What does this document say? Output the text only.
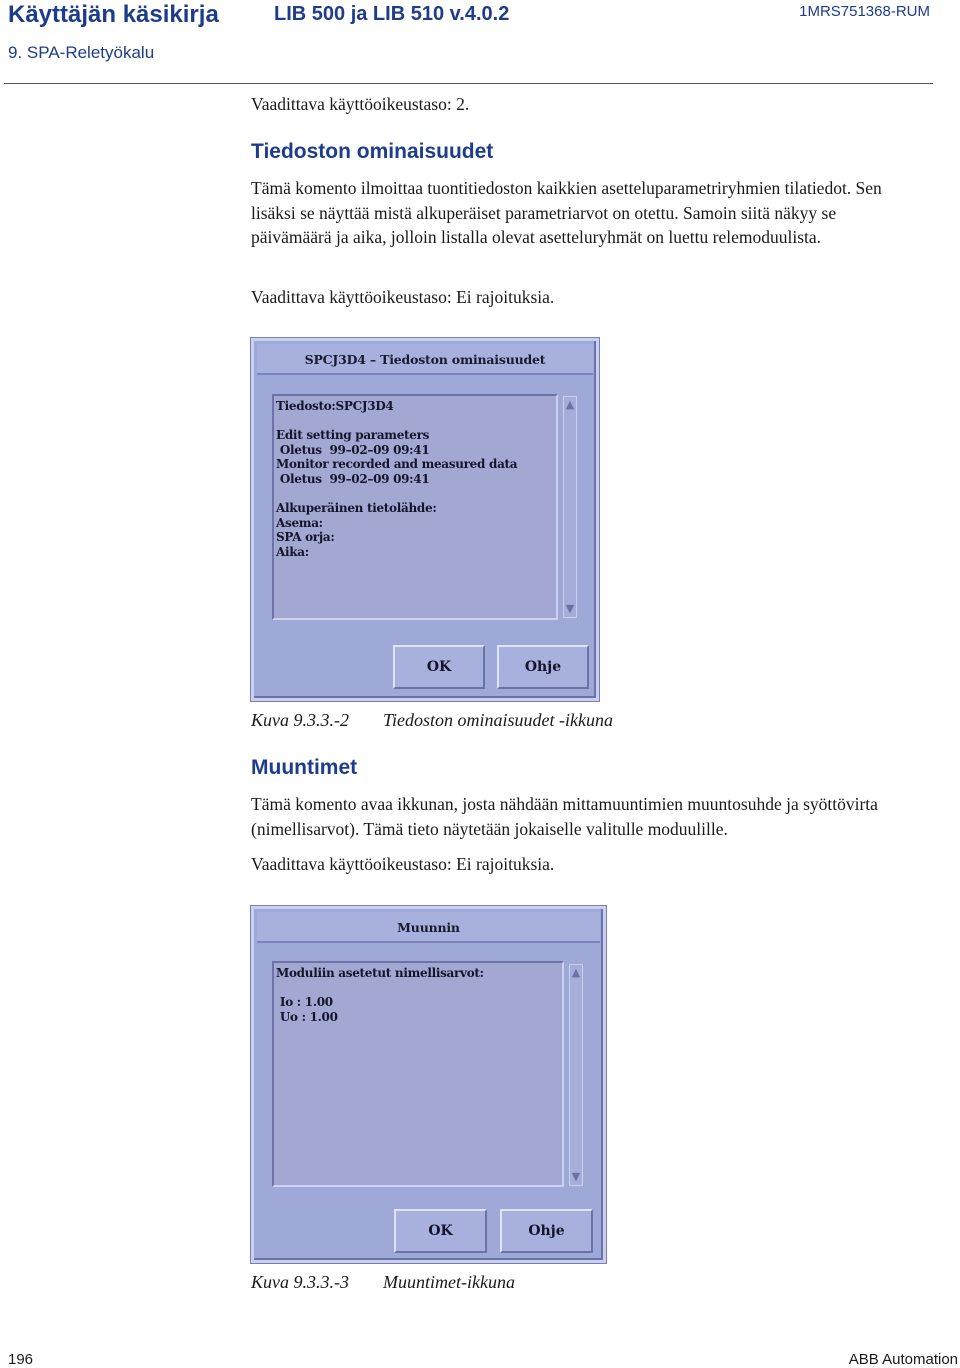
Käyttäjän käsikirja	LIB 500 ja LIB 510 v.4.0.2	1MRS751368-RUM
9. SPA-Reletyökalu
Vaadittava käyttöoikeustaso: 2.
Tiedoston ominaisuudet
Tämä komento ilmoittaa tuontitiedoston kaikkien asetteluparametriryhmien tilatiedot. Sen lisäksi se näyttää mistä alkuperäiset parametriarvot on otettu. Samoin siitä näkyy se päivämäärä ja aika, jolloin listalla olevat asetteluryhmät on luettu relemoduulista.
Vaadittava käyttöoikeustaso: Ei rajoituksia.
SPCJ3D4 – Tiedoston ominaisuudet
Tiedosto:SPCJ3D4

Edit setting parameters
Oletus  99–02–09 09:41
Monitor recorded and measured data
Oletus  99–02–09 09:41

Alkuperäinen tietolähde:
Asema:
SPA orja:
Aika:
▲
▼
OK	Ohje
Kuva 9.3.3.-2 Tiedoston ominaisuudet -ikkuna
Muuntimet
Tämä komento avaa ikkunan, josta nähdään mittamuuntimien muuntosuhde ja syöttövirta (nimellisarvot). Tämä tieto näytetään jokaiselle valitulle moduulille.
Vaadittava käyttöoikeustaso: Ei rajoituksia.
Muunnin
Moduliin asetetut nimellisarvot:

Io : 1.00
Uo : 1.00
▲
▼
OK	Ohje
Kuva 9.3.3.-3 Muuntimet-ikkuna
196	ABB Automation
